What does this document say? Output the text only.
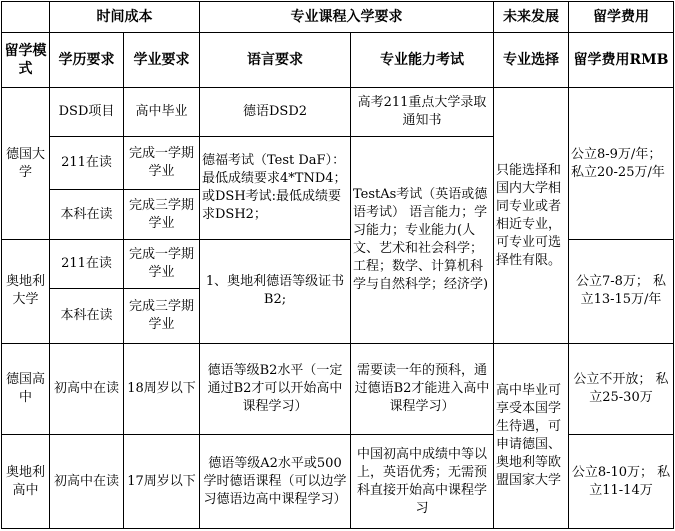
	时间成本		专业课程入学要求		未来发展	留学费用
留学模式	学历要求	学业要求	语言要求	专业能力考试	专业选择	留学费用RMB
德国大学	DSD项目	高中毕业	德语DSD2	高考211重点大学录取通知书	只能选择和国内大学相同专业或者相近专业，可专业可选择性有限。	公立8-9万/年； 私立20-25万/年
	211在读	完成一学期学业	德福考试（Test DaF）：最低成绩要求4*TND4； 或DSH考试:最低成绩要求DSH2；	TestAs考试（英语或德语考试） 语言能力；学习能力；专业能力(人文、艺术和社会科学；工程；数学、计算机科学与自然科学；经济学)		
	本科在读	完成三学期学业				
奥地利大学	211在读	完成一学期学业	1、奥地利德语等级证书B2;			公立7-8万； 私立13-15万/年
	本科在读	完成三学期学业				
德国高中	初高中在读	18周岁以下	德语等级B2水平（一定通过B2才可以开始高中课程学习）	需要读一年的预科，通过德语B2才能进入高中课程学习）	高中毕业可享受本国学生待遇，可申请德国、奥地利等欧盟国家大学	公立不开放； 私立25-30万
奥地利高中	初高中在读	17周岁以下	德语等级A2水平或500学时德语课程（可以边学习德语边高中课程学习）	中国初高中成绩中等以上，英语优秀；无需预科直接开始高中课程学习		公立8-10万； 私立11-14万
